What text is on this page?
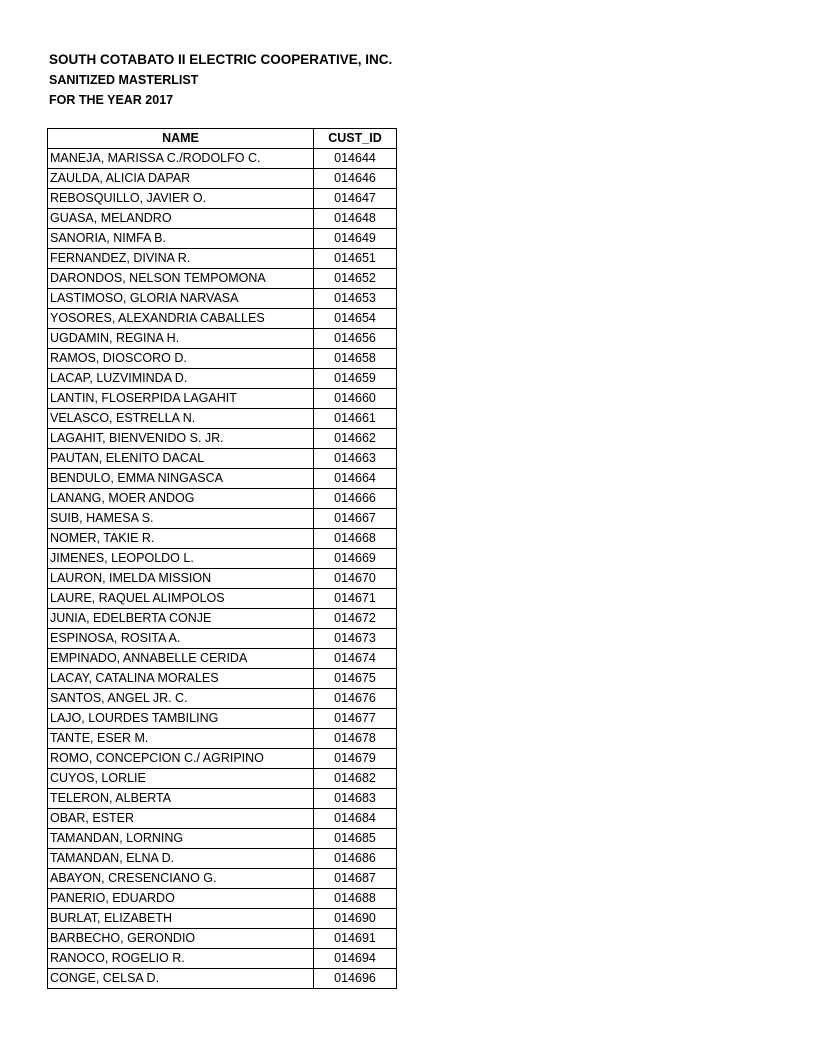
SOUTH COTABATO II ELECTRIC COOPERATIVE, INC.
SANITIZED MASTERLIST
FOR THE YEAR 2017
NAME	CUST_ID
MANEJA, MARISSA C./RODOLFO C.	014644
ZAULDA, ALICIA DAPAR	014646
REBOSQUILLO, JAVIER O.	014647
GUASA, MELANDRO	014648
SANORIA, NIMFA B.	014649
FERNANDEZ, DIVINA R.	014651
DARONDOS, NELSON TEMPOMONA	014652
LASTIMOSO, GLORIA NARVASA	014653
YOSORES, ALEXANDRIA CABALLES	014654
UGDAMIN, REGINA H.	014656
RAMOS, DIOSCORO D.	014658
LACAP, LUZVIMINDA D.	014659
LANTIN, FLOSERPIDA LAGAHIT	014660
VELASCO, ESTRELLA N.	014661
LAGAHIT, BIENVENIDO S. JR.	014662
PAUTAN, ELENITO DACAL	014663
BENDULO, EMMA NINGASCA	014664
LANANG, MOER ANDOG	014666
SUIB, HAMESA S.	014667
NOMER, TAKIE R.	014668
JIMENES, LEOPOLDO L.	014669
LAURON, IMELDA MISSION	014670
LAURE, RAQUEL ALIMPOLOS	014671
JUNIA, EDELBERTA CONJE	014672
ESPINOSA, ROSITA A.	014673
EMPINADO, ANNABELLE CERIDA	014674
LACAY, CATALINA MORALES	014675
SANTOS, ANGEL JR. C.	014676
LAJO, LOURDES TAMBILING	014677
TANTE, ESER M.	014678
ROMO, CONCEPCION C./ AGRIPINO	014679
CUYOS, LORLIE	014682
TELERON, ALBERTA	014683
OBAR, ESTER	014684
TAMANDAN, LORNING	014685
TAMANDAN, ELNA D.	014686
ABAYON, CRESENCIANO G.	014687
PANERIO, EDUARDO	014688
BURLAT, ELIZABETH	014690
BARBECHO, GERONDIO	014691
RANOCO, ROGELIO R.	014694
CONGE, CELSA D.	014696
